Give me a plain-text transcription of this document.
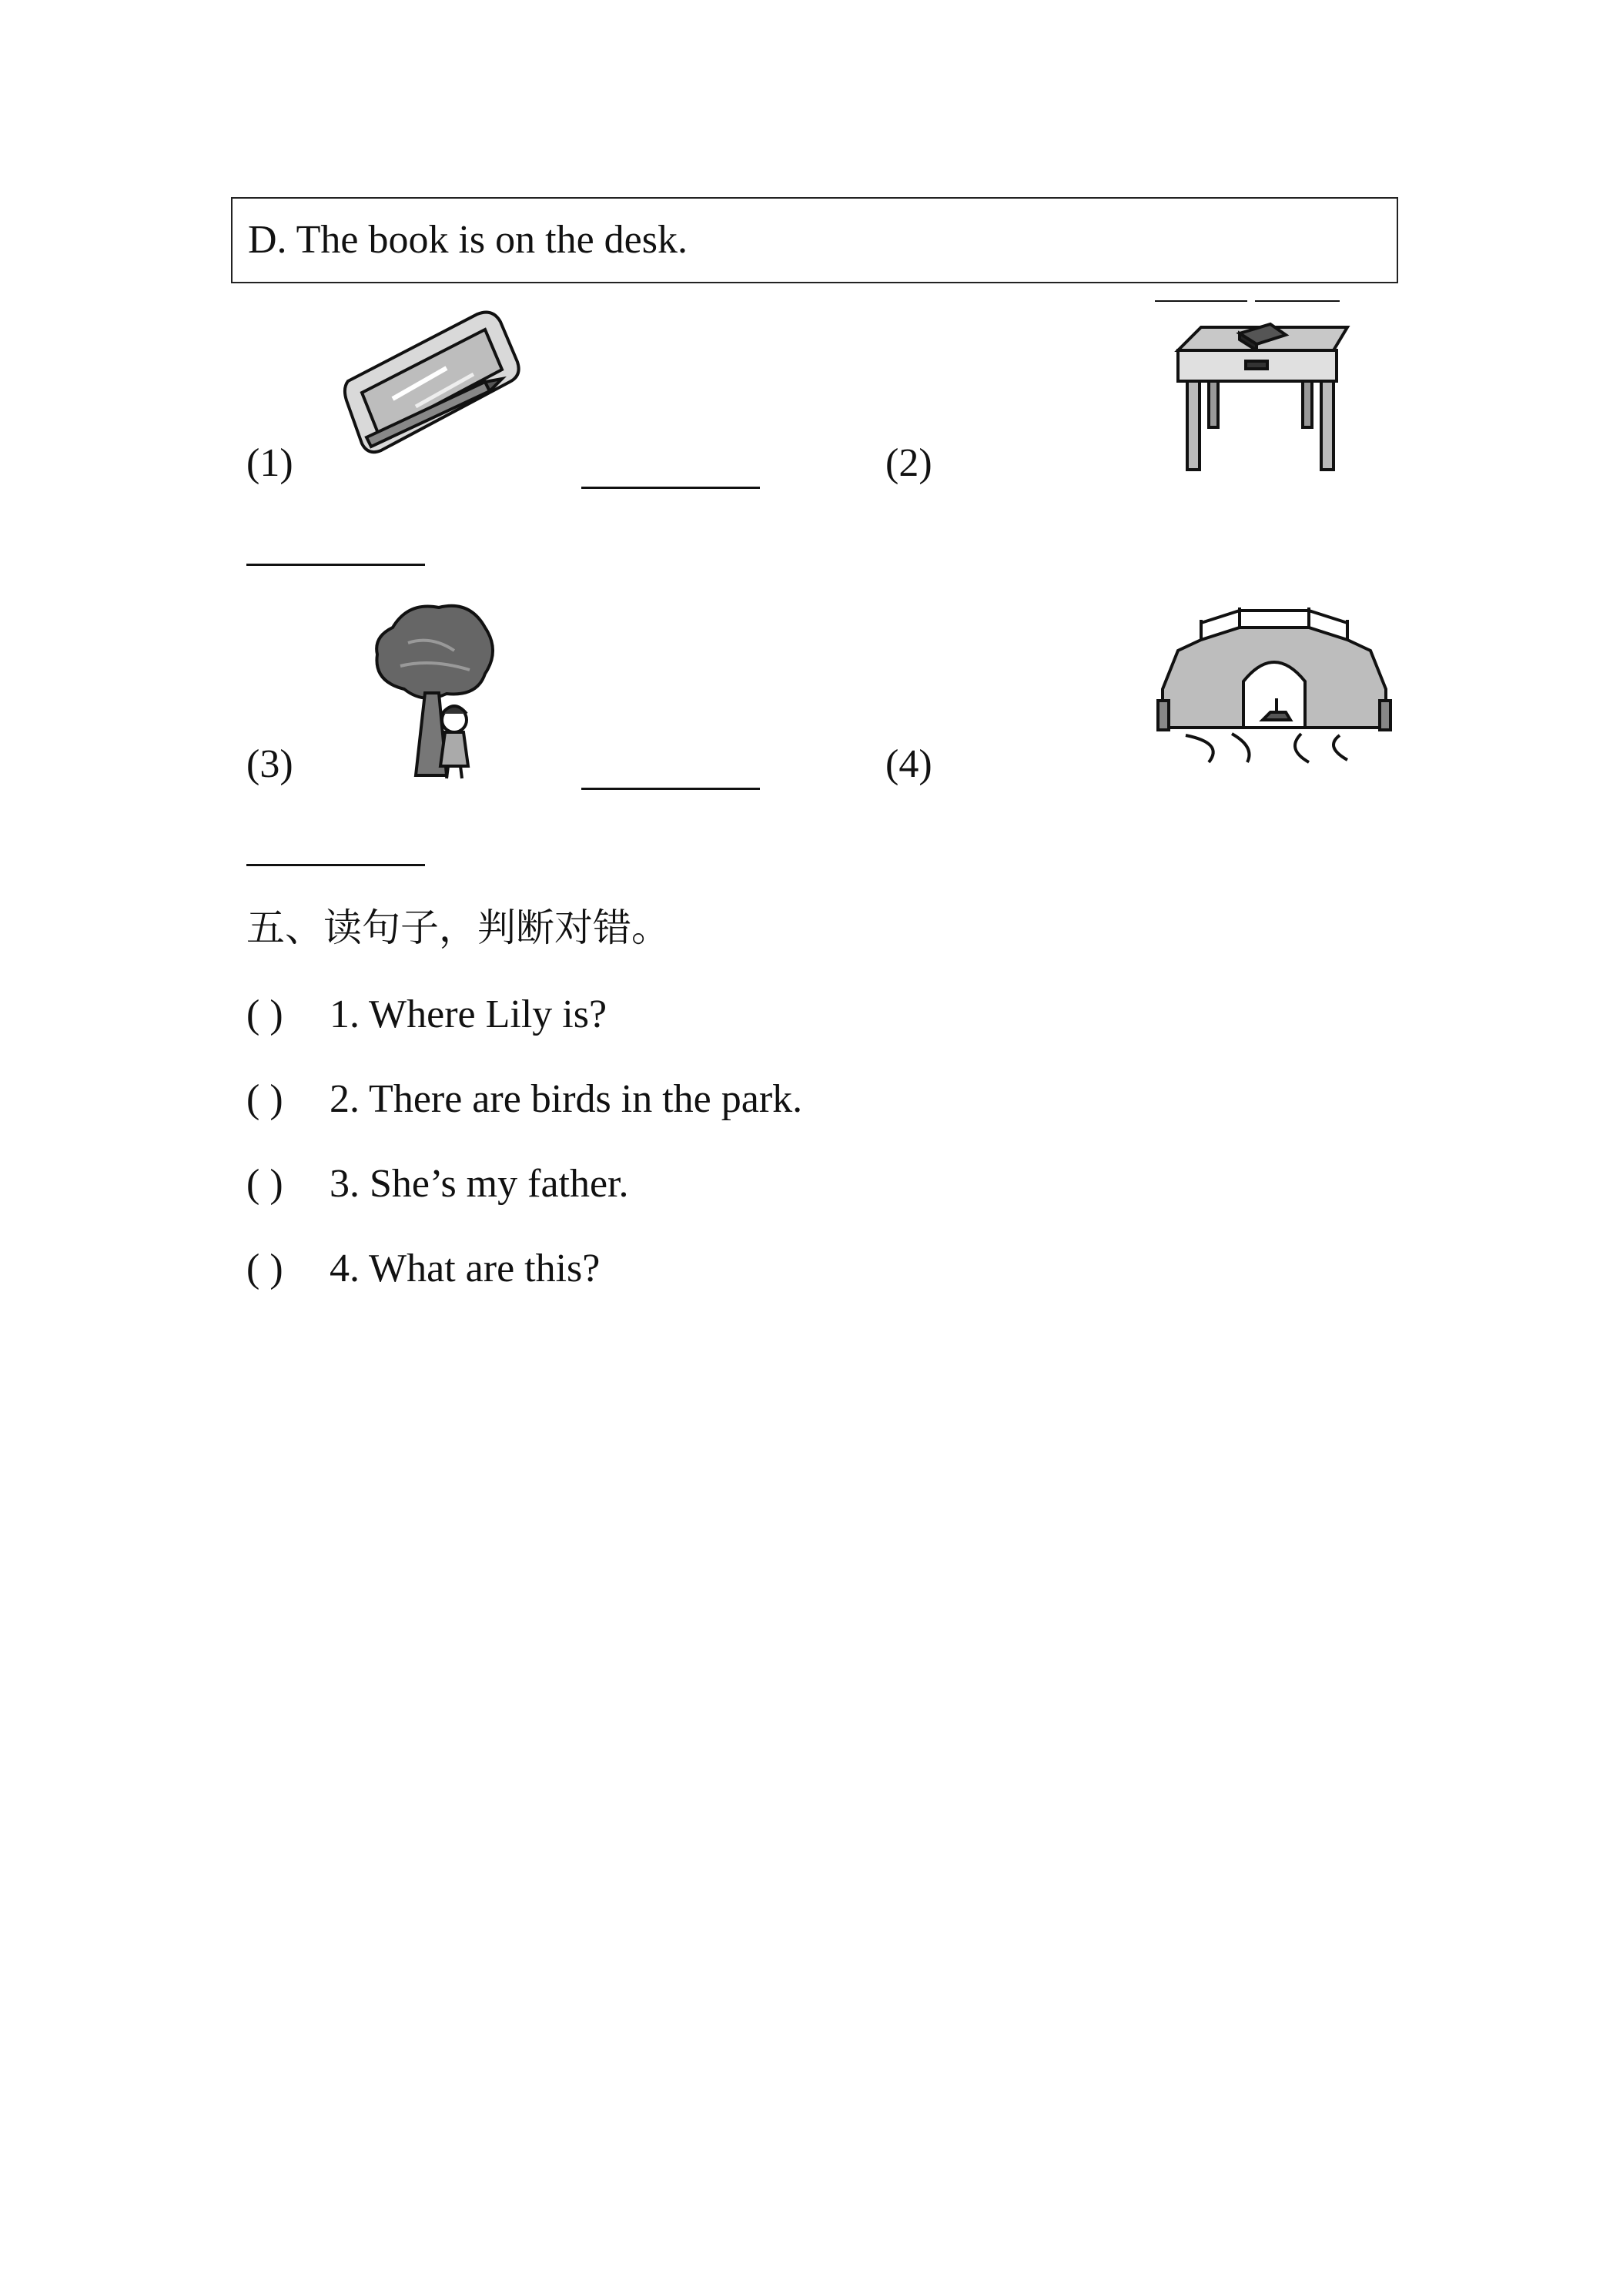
D. The book is on the desk.
(1)	(2)
(3)	(4)
五、读句子，判断对错。
( ) 1. Where Lily is?
( ) 2. There are birds in the park.
( ) 3. She’s my father.
( ) 4. What are this?
